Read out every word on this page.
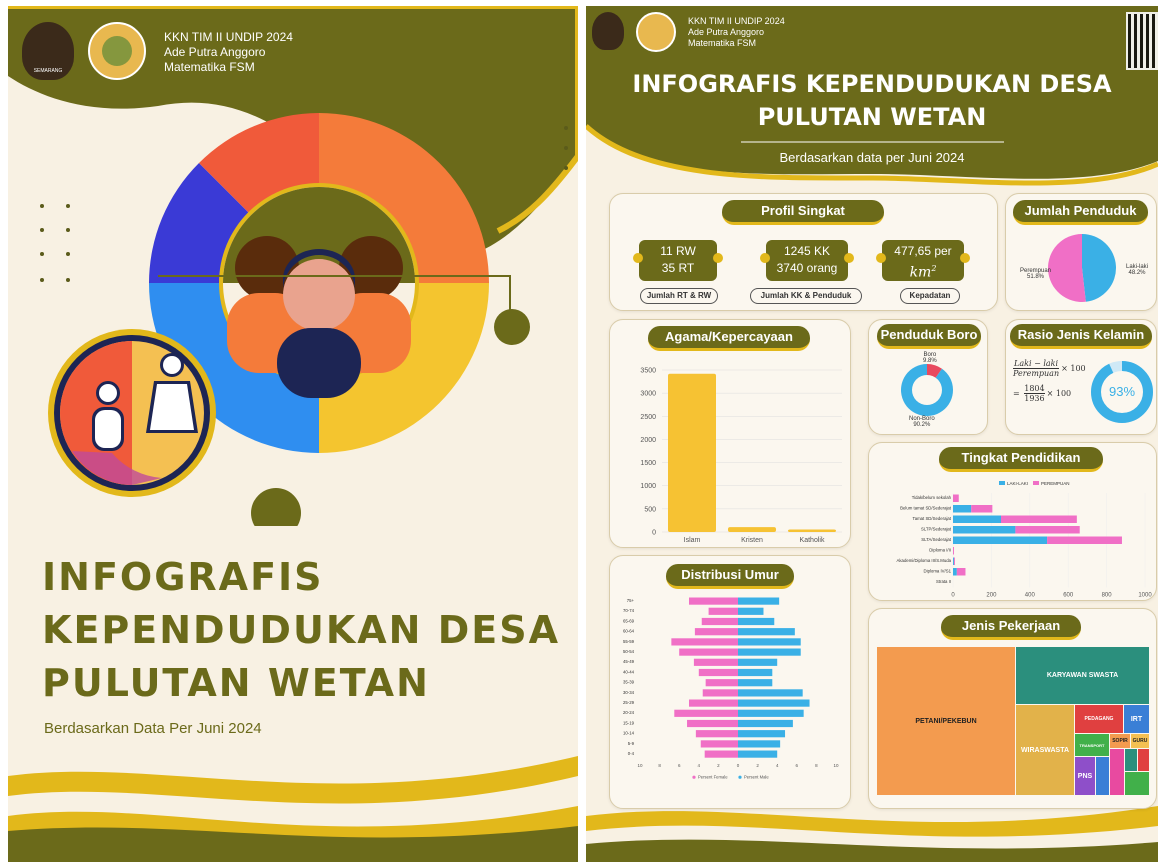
SEMARANG
KKN TIM II UNDIP 2024
Ade Putra Anggoro
Matematika FSM
INFOGRAFIS KEPENDUDUKAN DESA PULUTAN WETAN
Berdasarkan Data Per Juni 2024
KKN TIM II UNDIP 2024
Ade Putra Anggoro
Matematika FSM
INFOGRAFIS KEPENDUDUKAN DESA PULUTAN WETAN
Berdasarkan data per Juni 2024
Profil Singkat
11 RW
35 RT
Jumlah RT & RW
1245 KK
3740 orang
Jumlah KK & Penduduk
477,65 per
$km^2$
Kepadatan
Jumlah Penduduk
Perempuan
51.8%
Laki-laki
48.2%
Agama/Kepercayaan
3500
3000
2500
2000
1500
1000
500
0
Islam	Kristen	Katholik
Penduduk Boro
Boro
9.8%
Non-Boro
90.2%
Rasio Jenis Kelamin
Laki − laki
Perempuan
	× 100
=	
1804
1936
	× 100	93%
Tingkat Pendidikan
LAKI-LAKI	PEREMPUAN
0	200	400	600	800	1000
Tidak/belum sekolah
Belum tamat SD/Sederajat
Tamat SD/Sederajat
SLTP/Sederajat
SLTA/Sederajat
Diploma I/II
Akademi/Diploma III/S.Muda
Diploma IV/S1
Strata II
Distribusi Umur
75+
70-74
65-69
60-64
55-59
50-54
45-49
40-44
35-39
30-34
25-29
20-24
15-19
10-14
5-9
0-4
10	8	6	4	2	0	2	4	6	8	10
Persent Female	Persent Male
Jenis Pekerjaan
PETANI/PEKEBUN
KARYAWAN SWASTA
WIRASWASTA
PEDAGANG	IRT
TRANSPORT
SOPIR GURU
PNS
